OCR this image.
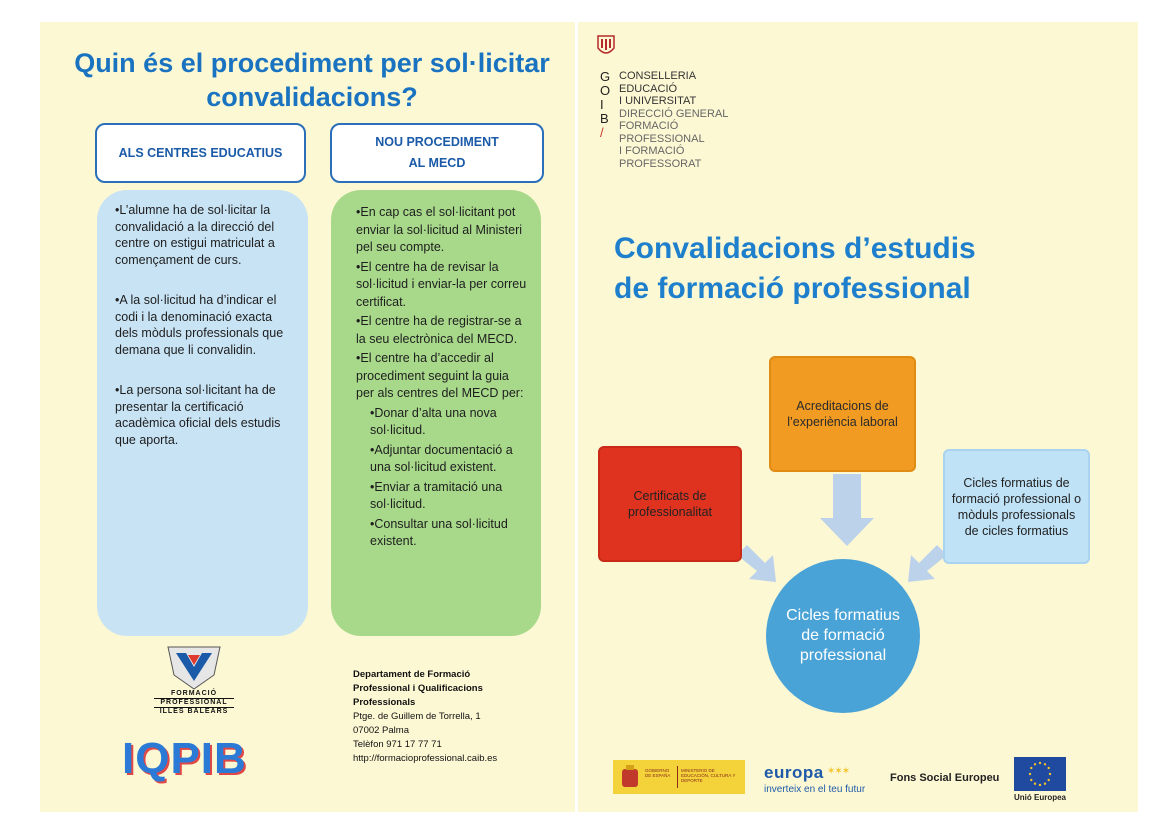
Quin és el procediment per sol·licitar convalidacions?
ALS CENTRES EDUCATIUS
NOU PROCEDIMENT
AL MECD

•L’alumne ha de sol·licitar la convalidació a la direcció del centre on estigui matriculat a començament de curs.

•A la sol·licitud ha d’indicar el codi i la denominació exacta dels mòduls professionals que demana que li convalidin.

•La persona sol·licitant ha de presentar la certificació acadèmica oficial dels estudis que aporta.

•En cap cas el sol·licitant pot enviar la sol·licitud al Ministeri pel seu compte.

•El centre ha de revisar la sol·licitud i enviar-la per correu certificat.

•El centre ha de registrar-se a la seu electrònica del MECD.

•El centre ha d’accedir al procediment seguint la guia per als centres del MECD per:

•Donar d’alta una nova sol·licitud.

•Adjuntar documentació a una sol·licitud existent.

•Enviar a tramitació una sol·licitud.

•Consultar una sol·licitud existent.

FORMACIÓ
PROFESSIONAL
ILLES BALEARS
IQPIB
Departament de Formació
Professional i Qualificacions
Professionals
Ptge. de Guillem de Torrella, 1
07002 Palma
Telèfon 971 17 77 71
http://formacioprofessional.caib.es
G
O
I
B
/
CONSELLERIA
EDUCACIÓ
I UNIVERSITAT
DIRECCIÓ GENERAL
FORMACIÓ
PROFESSIONAL
I FORMACIÓ
PROFESSORAT
Convalidacions d’estudis
de formació professional
Acreditacions de l’experiència laboral
Certificats de professionalitat
Cicles formatius de formació professional o mòduls professionals de cicles formatius
Cicles formatius de formació professional
GOBIERNO DE ESPAÑA
MINISTERIO DE EDUCACIÓN, CULTURA Y DEPORTE	europa ✶✶✶
inverteix en el teu futur
Fons Social Europeu
Unió Europea
